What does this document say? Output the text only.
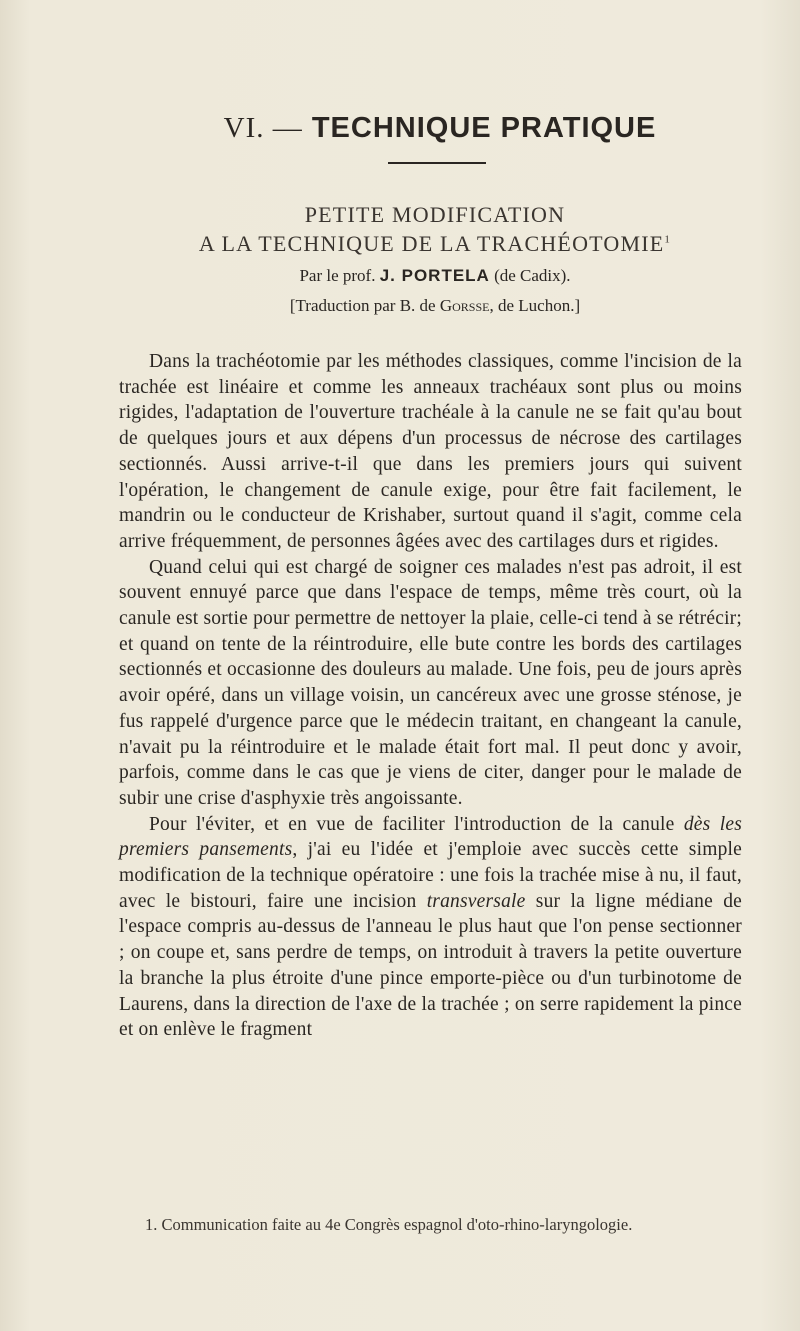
VI. — TECHNIQUE PRATIQUE
PETITE MODIFICATION
A LA TECHNIQUE DE LA TRACHÉOTOMIE$^1$
Par le prof. J. PORTELA (de Cadix).
[Traduction par B. de Gorsse, de Luchon.]

Dans la trachéotomie par les méthodes classiques, comme l'incision de la trachée est linéaire et comme les anneaux trachéaux sont plus ou moins rigides, l'adaptation de l'ouverture trachéale à la canule ne se fait qu'au bout de quelques jours et aux dépens d'un processus de nécrose des cartilages sectionnés. Aussi arrive-t-il que dans les premiers jours qui suivent l'opération, le changement de canule exige, pour être fait facilement, le mandrin ou le conducteur de Krishaber, surtout quand il s'agit, comme cela arrive fréquemment, de personnes âgées avec des cartilages durs et rigides.

Quand celui qui est chargé de soigner ces malades n'est pas adroit, il est souvent ennuyé parce que dans l'espace de temps, même très court, où la canule est sortie pour permettre de nettoyer la plaie, celle-ci tend à se rétrécir; et quand on tente de la réintroduire, elle bute contre les bords des cartilages sectionnés et occasionne des douleurs au malade. Une fois, peu de jours après avoir opéré, dans un village voisin, un cancéreux avec une grosse sténose, je fus rappelé d'urgence parce que le médecin traitant, en changeant la canule, n'avait pu la réintroduire et le malade était fort mal. Il peut donc y avoir, parfois, comme dans le cas que je viens de citer, danger pour le malade de subir une crise d'asphyxie très angoissante.

Pour l'éviter, et en vue de faciliter l'introduction de la canule dès les premiers pansements, j'ai eu l'idée et j'emploie avec succès cette simple modification de la technique opératoire : une fois la trachée mise à nu, il faut, avec le bistouri, faire une incision transversale sur la ligne médiane de l'espace compris au-dessus de l'anneau le plus haut que l'on pense sectionner ; on coupe et, sans perdre de temps, on introduit à travers la petite ouverture la branche la plus étroite d'une pince emporte-pièce ou d'un turbinotome de Laurens, dans la direction de l'axe de la trachée ; on serre rapidement la pince et on enlève le fragment

1. Communication faite au 4e Congrès espagnol d'oto-rhino-laryngologie.
